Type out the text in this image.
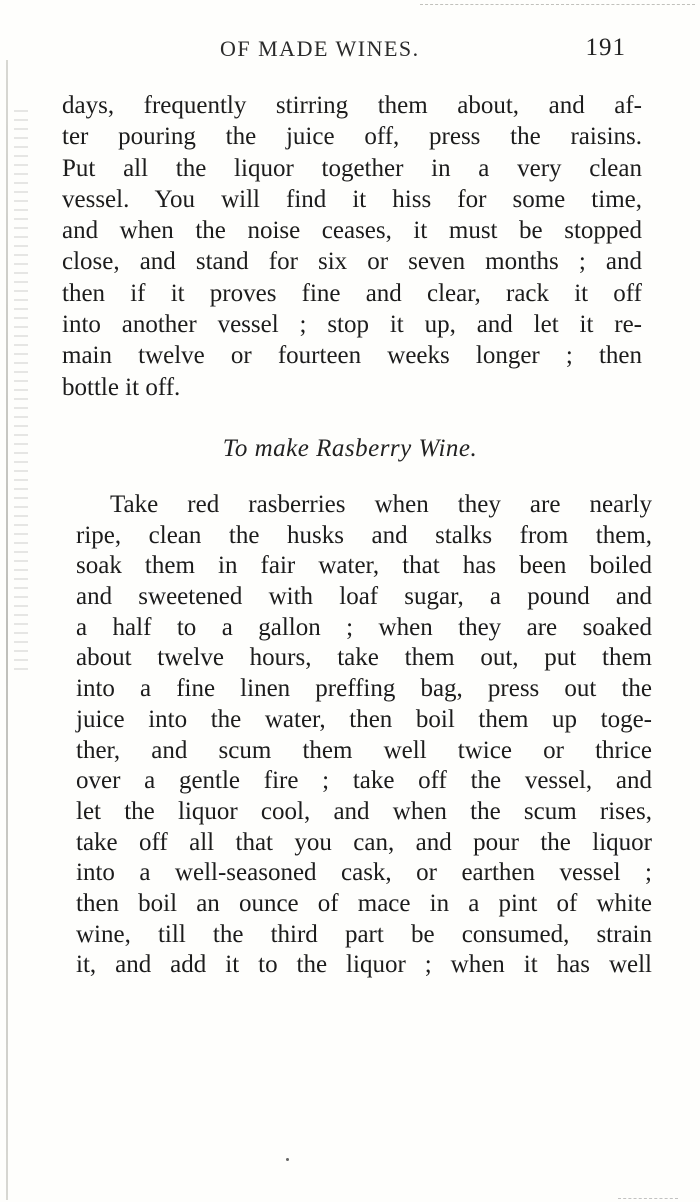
OF MADE WINES.	191
days, frequently stirring them about, and af-
ter pouring the juice off, press the raisins.
Put all the liquor together in a very clean
vessel. You will find it hiss for some time,
and when the noise ceases, it must be stopped
close, and stand for six or seven months ; and
then if it proves fine and clear, rack it off
into another vessel ; stop it up, and let it re-
main twelve or fourteen weeks longer ; then
bottle it off.
To make Rasberry Wine.
Take red rasberries when they are nearly
ripe, clean the husks and stalks from them,
soak them in fair water, that has been boiled
and sweetened with loaf sugar, a pound and
a half to a gallon ; when they are soaked
about twelve hours, take them out, put them
into a fine linen preffing bag, press out the
juice into the water, then boil them up toge-
ther, and scum them well twice or thrice
over a gentle fire ; take off the vessel, and
let the liquor cool, and when the scum rises,
take off all that you can, and pour the liquor
into a well-seasoned cask, or earthen vessel ;
then boil an ounce of mace in a pint of white
wine, till the third part be consumed, strain
it, and add it to the liquor ; when it has well
